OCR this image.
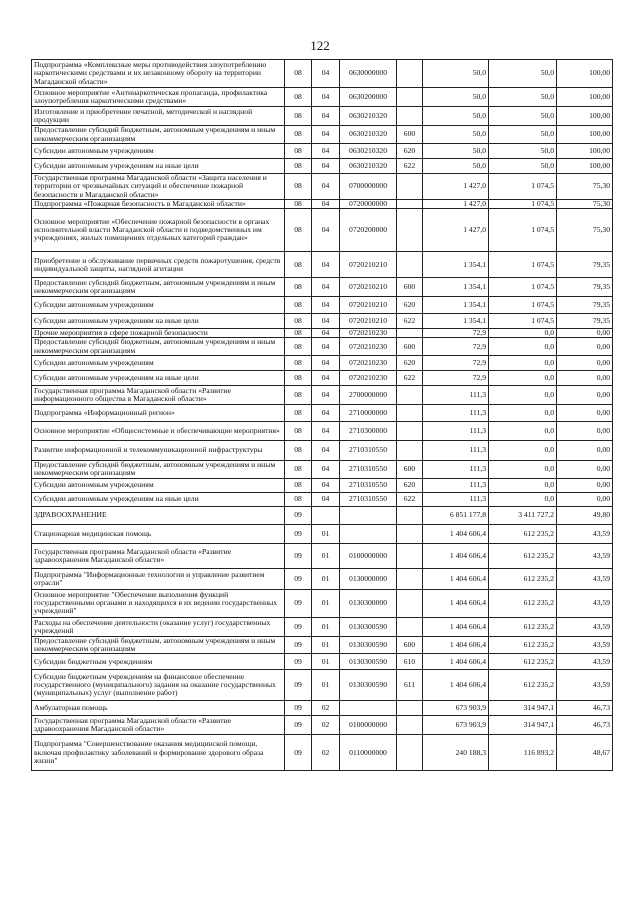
122
Подпрограмма «Комплексные меры противодействия злоупотреблению наркотическими средствами и их незаконному обороту на территории Магаданской области»	08	04	0630000000		50,0	50,0	100,00
Основное мероприятие «Антинаркотическая пропаганда, профилактика злоупотребления наркотическими средствами»	08	04	0630200000		50,0	50,0	100,00
Изготовление и приобретение печатной, методической и наглядной продукции	08	04	0630210320		50,0	50,0	100,00
Предоставление субсидий бюджетным, автономным учреждениям и иным некоммерческим организациям	08	04	0630210320	600	50,0	50,0	100,00
Субсидии автономным учреждениям	08	04	0630210320	620	50,0	50,0	100,00
Субсидии автономным учреждениям на иные цели	08	04	0630210320	622	50,0	50,0	100,00
Государственная программа Магаданской области «Защита населения и территории от чрезвычайных ситуаций и обеспечение пожарной безопасности в Магаданской области»	08	04	0700000000		1 427,0	1 074,5	75,30
Подпрограмма «Пожарная безопасность в Магаданской области»	08	04	0720000000		1 427,0	1 074,5	75,30
Основное мероприятие «Обеспечение пожарной безопасности в органах исполнительной власти Магаданской области и подведомственных им учреждениях, жилых помещениях отдельных категорий граждан»	08	04	0720200000		1 427,0	1 074,5	75,30
Приобретение и обслуживание первичных средств пожаротушения, средств индивидуальной защиты, наглядной агитации	08	04	0720210210		1 354,1	1 074,5	79,35
Предоставление субсидий бюджетным, автономным учреждениям и иным некоммерческим организациям	08	04	0720210210	600	1 354,1	1 074,5	79,35
Субсидии автономным учреждениям	08	04	0720210210	620	1 354,1	1 074,5	79,35
Субсидии автономным учреждениям на иные цели	08	04	0720210210	622	1 354,1	1 074,5	79,35
Прочие мероприятия в сфере пожарной безопасности	08	04	0720210230		72,9	0,0	0,00
Предоставление субсидий бюджетным, автономным учреждениям и иным некоммерческим организациям	08	04	0720210230	600	72,9	0,0	0,00
Субсидии автономным учреждениям	08	04	0720210230	620	72,9	0,0	0,00
Субсидии автономным учреждениям на иные цели	08	04	0720210230	622	72,9	0,0	0,00
Государственная программа Магаданской области «Развитие информационного общества в Магаданской области»	08	04	2700000000		111,3	0,0	0,00
Подпрограмма «Информационный регион»	08	04	2710000000		111,3	0,0	0,00
Основное мероприятие «Общесистемные и обеспечивающие мероприятия»	08	04	2710300000		111,3	0,0	0,00
Развитие информационной и телекоммуникационной инфраструктуры	08	04	2710310550		111,3	0,0	0,00
Предоставление субсидий бюджетным, автономным учреждениям и иным некоммерческим организациям	08	04	2710310550	600	111,3	0,0	0,00
Субсидии автономным учреждениям	08	04	2710310550	620	111,3	0,0	0,00
Субсидии автономным учреждениям на иные цели	08	04	2710310550	622	111,3	0,0	0,00
ЗДРАВООХРАНЕНИЕ	09				6 851 177,8	3 411 727,2	49,80
Стационарная медицинская помощь	09	01			1 404 606,4	612 235,2	43,59
Государственная программа Магаданской области «Развитие здравоохранения Магаданской области»	09	01	0100000000		1 404 606,4	612 235,2	43,59
Подпрограмма "Информационные технологии и управление развитием отрасли"	09	01	0130000000		1 404 606,4	612 235,2	43,59
Основное мероприятие "Обеспечение выполнения функций государственными органами и находящихся в их ведении государственных учреждений"	09	01	0130300000		1 404 606,4	612 235,2	43,59
Расходы на обеспечение деятельности (оказание услуг) государственных учреждений	09	01	0130300590		1 404 606,4	612 235,2	43,59
Предоставление субсидий бюджетным, автономным учреждениям и иным некоммерческим организациям	09	01	0130300590	600	1 404 606,4	612 235,2	43,59
Субсидии бюджетным учреждениям	09	01	0130300590	610	1 404 606,4	612 235,2	43,59
Субсидии бюджетным учреждениям на финансовое обеспечение государственного (муниципального) задания на оказание государственных (муниципальных) услуг (выполнение работ)	09	01	0130300590	611	1 404 606,4	612 235,2	43,59
Амбулаторная помощь	09	02			673 903,9	314 947,1	46,73
Государственная программа Магаданской области «Развитие здравоохранения Магаданской области»	09	02	0100000000		673 903,9	314 947,1	46,73
Подпрограмма "Совершенствование оказания медицинской помощи, включая профилактику заболеваний и формирование здорового образа жизни"	09	02	0110000000		240 188,3	116 893,2	48,67
